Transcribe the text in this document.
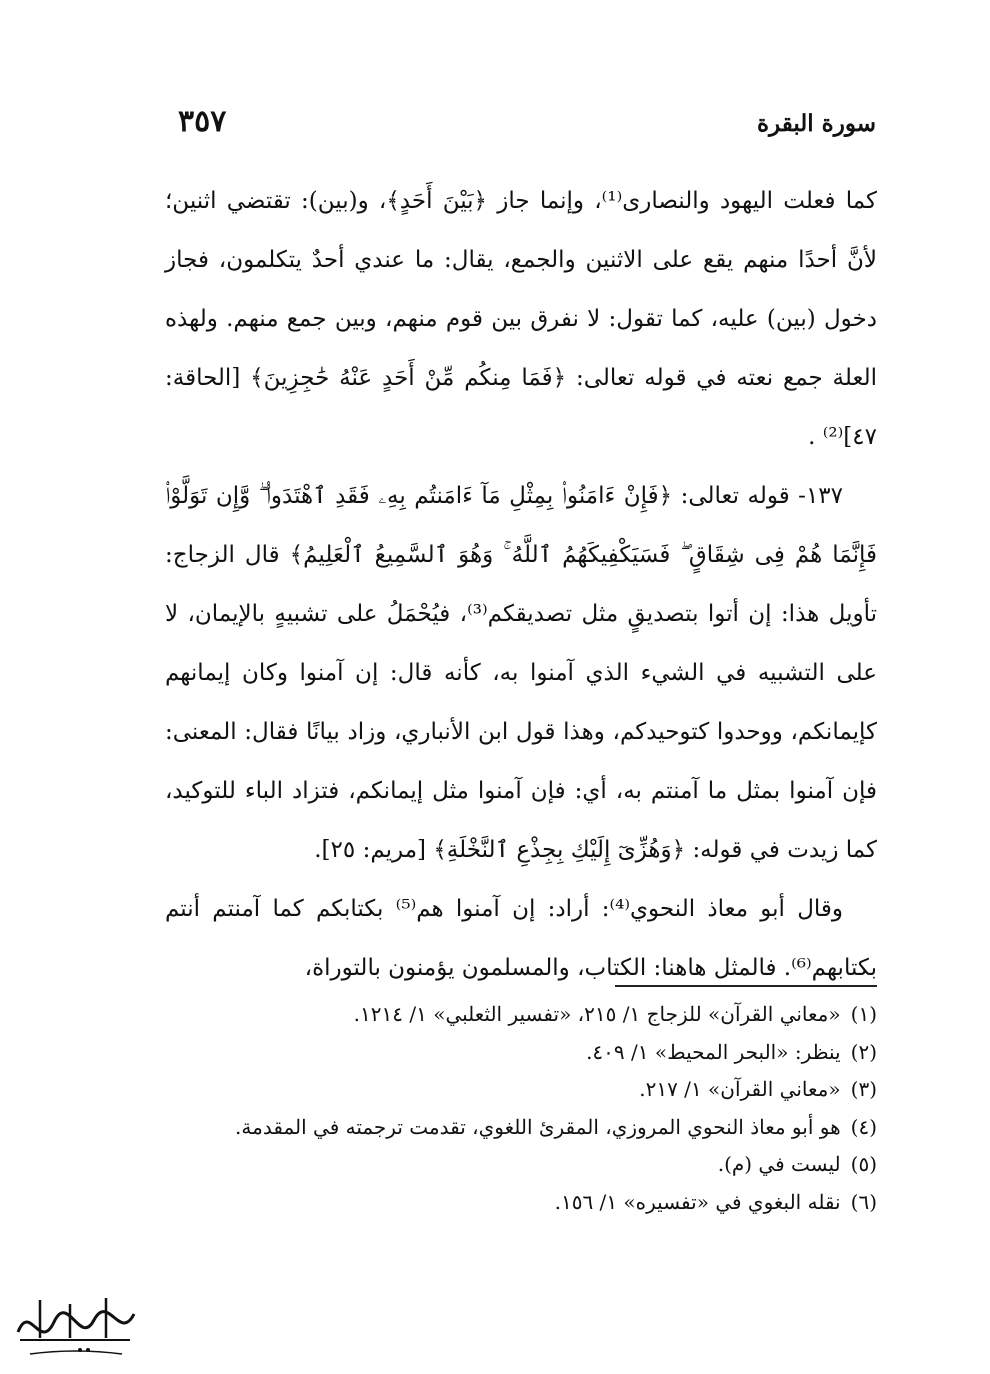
سورة البقرة
٣٥٧

كما فعلت اليهود والنصارى⁽¹⁾، وإنما جاز ﴿بَيْنَ أَحَدٍ﴾، و(بين): تقتضي اثنين؛ لأنَّ أحدًا منهم يقع على الاثنين والجمع، يقال: ما عندي أحدٌ يتكلمون، فجاز دخول (بين) عليه، كما تقول: لا نفرق بين قوم منهم، وبين جمع منهم. ولهذه العلة جمع نعته في قوله تعالى: ﴿فَمَا مِنكُم مِّنْ أَحَدٍ عَنْهُ حَٰجِزِينَ﴾ [الحاقة: ٤٧]⁽²⁾ .

١٣٧- قوله تعالى: ﴿فَإِنْ ءَامَنُوا۟ بِمِثْلِ مَآ ءَامَنتُم بِهِۦ فَقَدِ ٱهْتَدَوا۟ ۖ وَّإِن تَوَلَّوْا۟ فَإِنَّمَا هُمْ فِى شِقَاقٍ ۖ فَسَيَكْفِيكَهُمُ ٱللَّهُ ۚ وَهُوَ ٱلسَّمِيعُ ٱلْعَلِيمُ﴾ قال الزجاج: تأويل هذا: إن أتوا بتصديقٍ مثل تصديقكم⁽³⁾، فيُحْمَلُ على تشبيهٍ بالإيمان، لا على التشبيه في الشيء الذي آمنوا به، كأنه قال: إن آمنوا وكان إيمانهم كإيمانكم، ووحدوا كتوحيدكم، وهذا قول ابن الأنباري، وزاد بيانًا فقال: المعنى: فإن آمنوا بمثل ما آمنتم به، أي: فإن آمنوا مثل إيمانكم، فتزاد الباء للتوكيد، كما زيدت في قوله: ﴿وَهُزِّىٓ إِلَيْكِ بِجِذْعِ ٱلنَّخْلَةِ﴾ [مريم: ٢٥].

وقال أبو معاذ النحوي⁽⁴⁾: أراد: إن آمنوا هم⁽⁵⁾ بكتابكم كما آمنتم أنتم بكتابهم⁽⁶⁾. فالمثل هاهنا: الكتاب، والمسلمون يؤمنون بالتوراة،

(١)«معاني القرآن» للزجاج ١/ ٢١٥، «تفسير الثعلبي» ١/ ١٢١٤.
(٢)ينظر: «البحر المحيط» ١/ ٤٠٩.
(٣)«معاني القرآن» ١/ ٢١٧.
(٤)هو أبو معاذ النحوي المروزي، المقرئ اللغوي، تقدمت ترجمته في المقدمة.
(٥)ليست في (م).
(٦)نقله البغوي في «تفسيره» ١/ ١٥٦.
